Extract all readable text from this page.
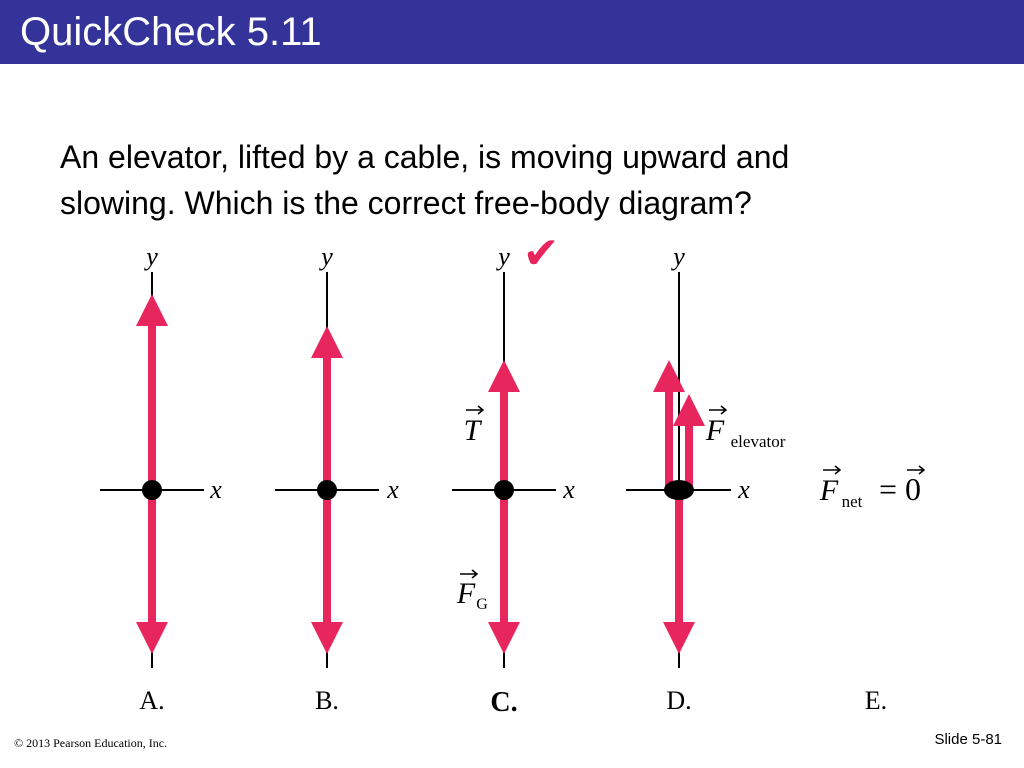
QuickCheck 5.11
An elevator, lifted by a cable, is moving upward and
slowing. Which is the correct free-body diagram?
y
x
y
x
y ✔
x
T
F G
y
x
F elevator
F net = 0
A.	B.	C.	D.	E.
© 2013 Pearson Education, Inc.	Slide 5-81
